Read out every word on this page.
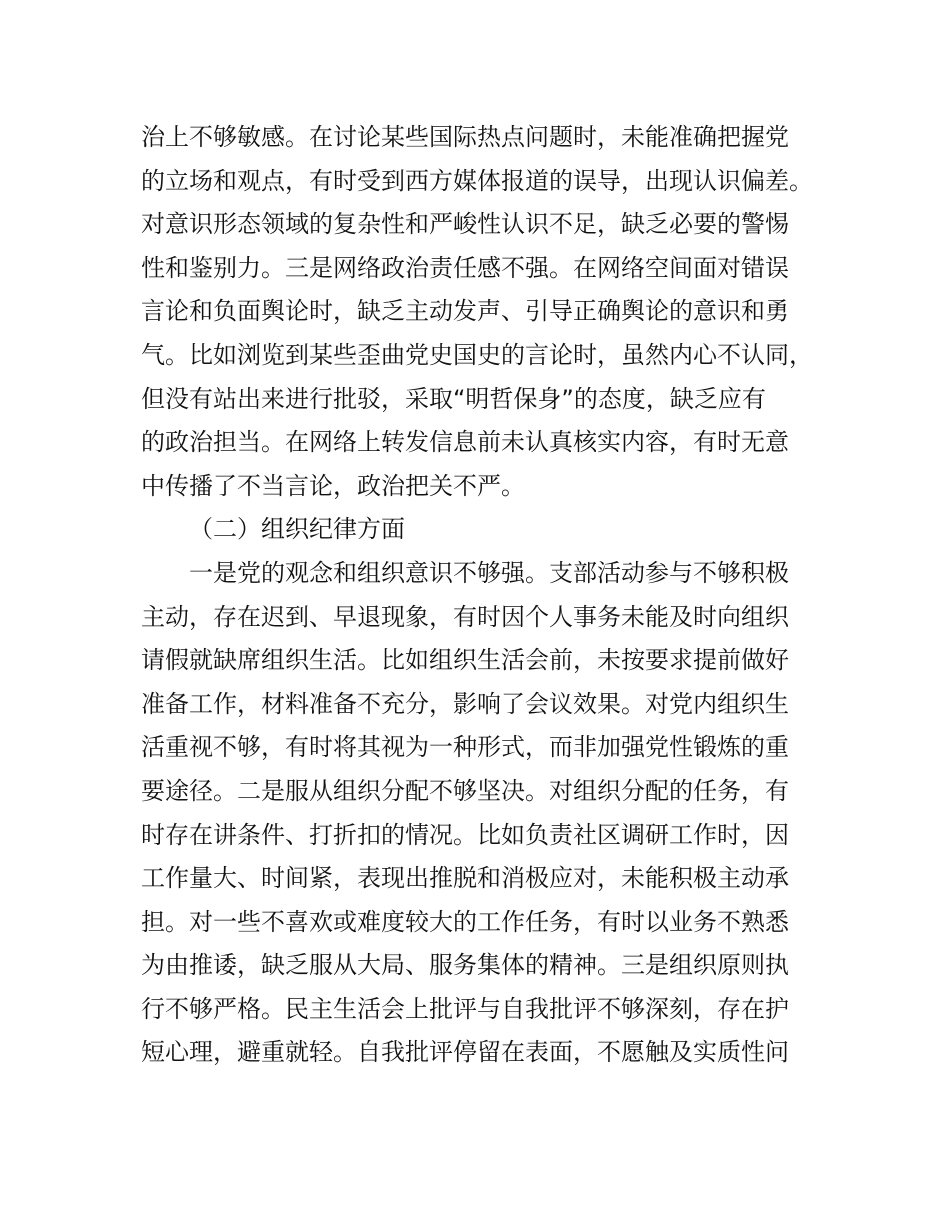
治上不够敏感。在讨论某些国际热点问题时，未能准确把握党
的立场和观点，有时受到西方媒体报道的误导，出现认识偏差。
对意识形态领域的复杂性和严峻性认识不足，缺乏必要的警惕
性和鉴别力。三是网络政治责任感不强。在网络空间面对错误
言论和负面舆论时，缺乏主动发声、引导正确舆论的意识和勇
气。比如浏览到某些歪曲党史国史的言论时，虽然内心不认同，
但没有站出来进行批驳，采取“明哲保身”的态度，缺乏应有
的政治担当。在网络上转发信息前未认真核实内容，有时无意
中传播了不当言论，政治把关不严。
（二）组织纪律方面
一是党的观念和组织意识不够强。支部活动参与不够积极
主动，存在迟到、早退现象，有时因个人事务未能及时向组织
请假就缺席组织生活。比如组织生活会前，未按要求提前做好
准备工作，材料准备不充分，影响了会议效果。对党内组织生
活重视不够，有时将其视为一种形式，而非加强党性锻炼的重
要途径。二是服从组织分配不够坚决。对组织分配的任务，有
时存在讲条件、打折扣的情况。比如负责社区调研工作时，因
工作量大、时间紧，表现出推脱和消极应对，未能积极主动承
担。对一些不喜欢或难度较大的工作任务，有时以业务不熟悉
为由推诿，缺乏服从大局、服务集体的精神。三是组织原则执
行不够严格。民主生活会上批评与自我批评不够深刻，存在护
短心理，避重就轻。自我批评停留在表面，不愿触及实质性问
